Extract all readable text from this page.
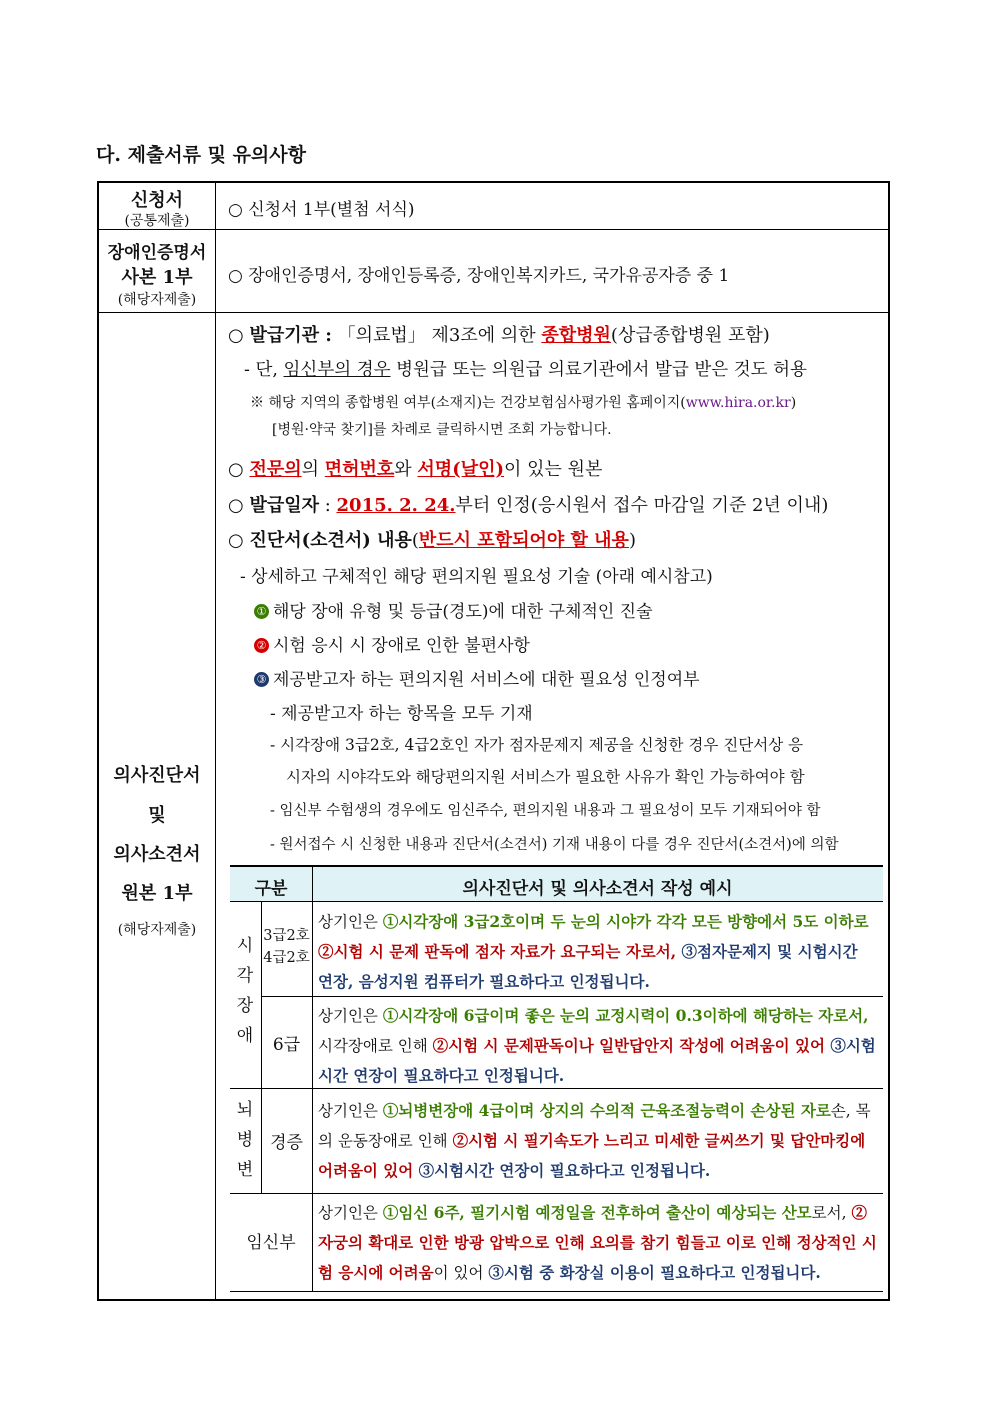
다. 제출서류 및 유의사항
신청서
(공통제출)
○ 신청서 1부(별첨 서식)
장애인증명서
사본 1부
(해당자제출)
○ 장애인증명서, 장애인등록증, 장애인복지카드, 국가유공자증 중 1
의사진단서
및
의사소견서
원본 1부
(해당자제출)
○ 발급기관 : 「의료법」 제3조에 의한 종합병원(상급종합병원 포함)
- 단, 임신부의 경우 병원급 또는 의원급 의료기관에서 발급 받은 것도 허용
※ 해당 지역의 종합병원 여부(소재지)는 건강보험심사평가원 홈페이지(www.hira.or.kr)
[병원·약국 찾기]를 차례로 클릭하시면 조회 가능합니다.
○ 전문의의 면허번호와 서명(날인)이 있는 원본
○ 발급일자 : 2015. 2. 24.부터 인정(응시원서 접수 마감일 기준 2년 이내)
○ 진단서(소견서) 내용(반드시 포함되어야 할 내용)
- 상세하고 구체적인 해당 편의지원 필요성 기술 (아래 예시참고)
① 해당 장애 유형 및 등급(경도)에 대한 구체적인 진술
② 시험 응시 시 장애로 인한 불편사항
③ 제공받고자 하는 편의지원 서비스에 대한 필요성 인정여부
- 제공받고자 하는 항목을 모두 기재
- 시각장애 3급2호, 4급2호인 자가 점자문제지 제공을 신청한 경우 진단서상 응
시자의 시야각도와 해당편의지원 서비스가 필요한 사유가 확인 가능하여야 함
- 임신부 수험생의 경우에도 임신주수, 편의지원 내용과 그 필요성이 모두 기재되어야 함
- 원서접수 시 신청한 내용과 진단서(소견서) 기재 내용이 다를 경우 진단서(소견서)에 의함
구분	의사진단서 및 의사소견서 작성 예시
시
각
장
애
3급2호
4급2호
상기인은 ①시각장애 3급2호이며 두 눈의 시야가 각각 모든 방향에서 5도 이하로 ②시험 시 문제 판독에 점자 자료가 요구되는 자로서, ③점자문제지 및 시험시간 연장, 음성지원 컴퓨터가 필요하다고 인정됩니다.
6급
상기인은 ①시각장애 6급이며 좋은 눈의 교정시력이 0.3이하에 해당하는 자로서, 시각장애로 인해 ②시험 시 문제판독이나 일반답안지 작성에 어려움이 있어 ③시험시간 연장이 필요하다고 인정됩니다.
뇌
병
변
경증
상기인은 ①뇌병변장애 4급이며 상지의 수의적 근육조절능력이 손상된 자로손, 목의 운동장애로 인해 ②시험 시 필기속도가 느리고 미세한 글씨쓰기 및 답안마킹에 어려움이 있어 ③시험시간 연장이 필요하다고 인정됩니다.
임신부
상기인은 ①임신 6주, 필기시험 예정일을 전후하여 출산이 예상되는 산모로서, ②자궁의 확대로 인한 방광 압박으로 인해 요의를 참기 힘들고 이로 인해 정상적인 시험 응시에 어려움이 있어 ③시험 중 화장실 이용이 필요하다고 인정됩니다.
